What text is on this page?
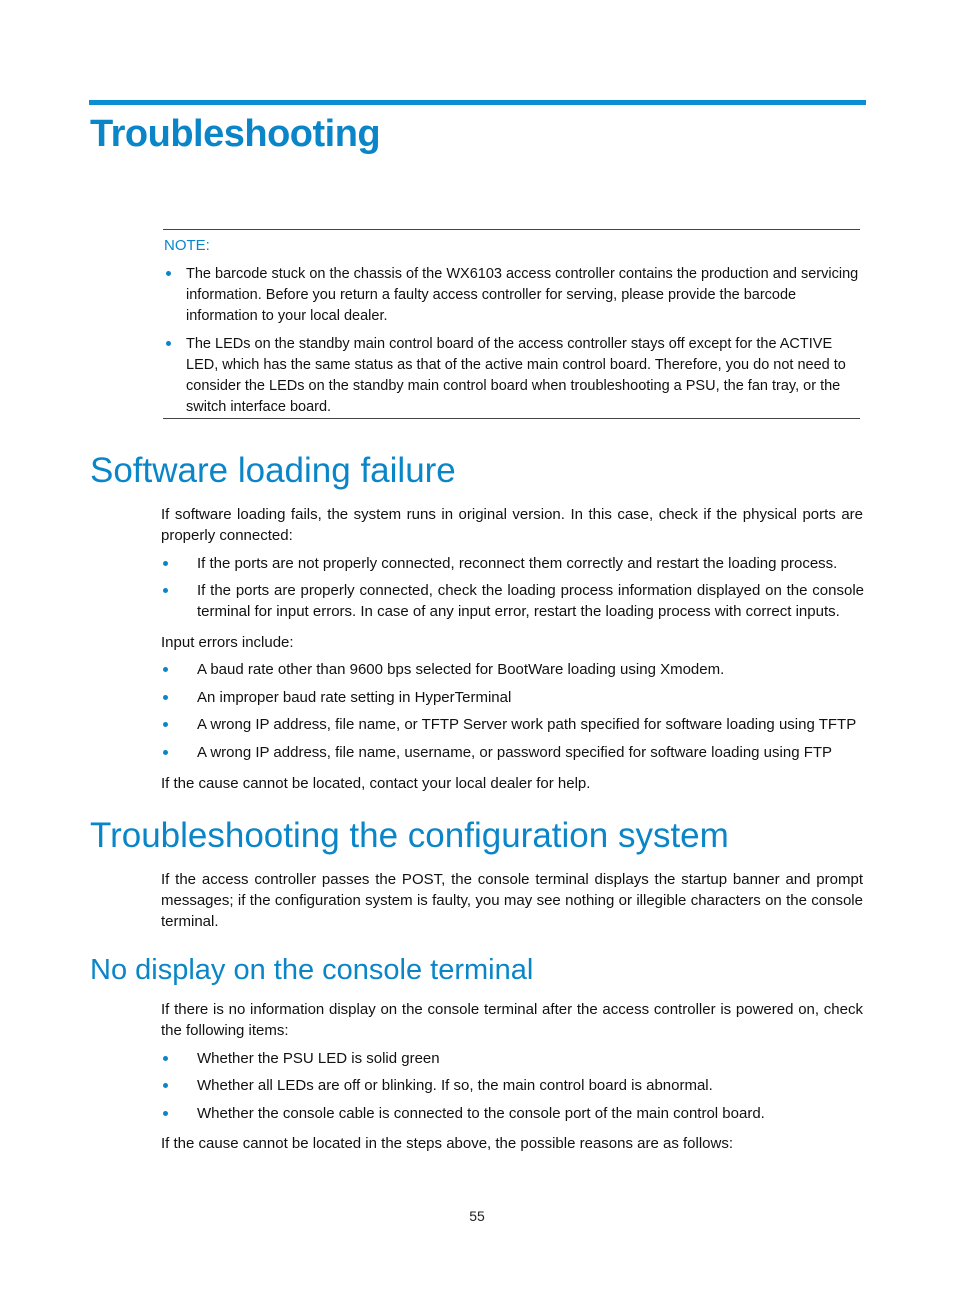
Troubleshooting
NOTE:
The barcode stuck on the chassis of the WX6103 access controller contains the production and servicing information. Before you return a faulty access controller for serving, please provide the barcode information to your local dealer.
The LEDs on the standby main control board of the access controller stays off except for the ACTIVE LED, which has the same status as that of the active main control board. Therefore, you do not need to consider the LEDs on the standby main control board when troubleshooting a PSU, the fan tray, or the switch interface board.
Software loading failure
If software loading fails, the system runs in original version. In this case, check if the physical ports are properly connected:
If the ports are not properly connected, reconnect them correctly and restart the loading process.
If the ports are properly connected, check the loading process information displayed on the console terminal for input errors. In case of any input error, restart the loading process with correct inputs.
Input errors include:
A baud rate other than 9600 bps selected for BootWare loading using Xmodem.
An improper baud rate setting in HyperTerminal
A wrong IP address, file name, or TFTP Server work path specified for software loading using TFTP
A wrong IP address, file name, username, or password specified for software loading using FTP
If the cause cannot be located, contact your local dealer for help.
Troubleshooting the configuration system
If the access controller passes the POST, the console terminal displays the startup banner and prompt messages; if the configuration system is faulty, you may see nothing or illegible characters on the console terminal.
No display on the console terminal
If there is no information display on the console terminal after the access controller is powered on, check the following items:
Whether the PSU LED is solid green
Whether all LEDs are off or blinking. If so, the main control board is abnormal.
Whether the console cable is connected to the console port of the main control board.
If the cause cannot be located in the steps above, the possible reasons are as follows:
55
